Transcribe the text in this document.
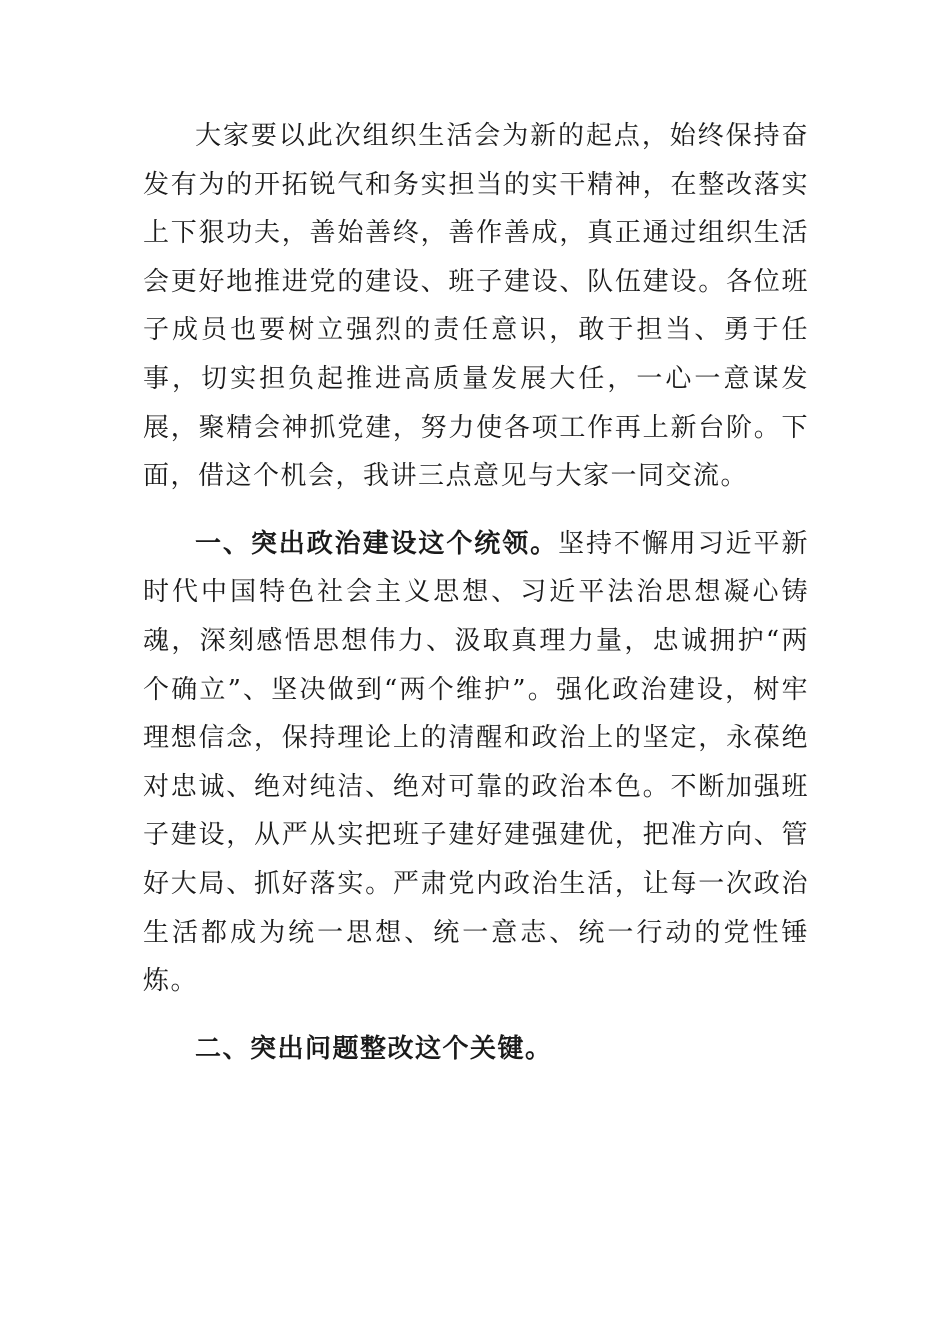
大家要以此次组织生活会为新的起点，始终保持奋发有为的开拓锐气和务实担当的实干精神，在整改落实上下狠功夫，善始善终，善作善成，真正通过组织生活会更好地推进党的建设、班子建设、队伍建设。各位班子成员也要树立强烈的责任意识，敢于担当、勇于任事，切实担负起推进高质量发展大任，一心一意谋发展，聚精会神抓党建，努力使各项工作再上新台阶。下面，借这个机会，我讲三点意见与大家一同交流。

一、突出政治建设这个统领。坚持不懈用习近平新时代中国特色社会主义思想、习近平法治思想凝心铸魂，深刻感悟思想伟力、汲取真理力量，忠诚拥护“两个确立”、坚决做到“两个维护”。强化政治建设，树牢理想信念，保持理论上的清醒和政治上的坚定，永葆绝对忠诚、绝对纯洁、绝对可靠的政治本色。不断加强班子建设，从严从实把班子建好建强建优，把准方向、管好大局、抓好落实。严肃党内政治生活，让每一次政治生活都成为统一思想、统一意志、统一行动的党性锤炼。

二、突出问题整改这个关键。
